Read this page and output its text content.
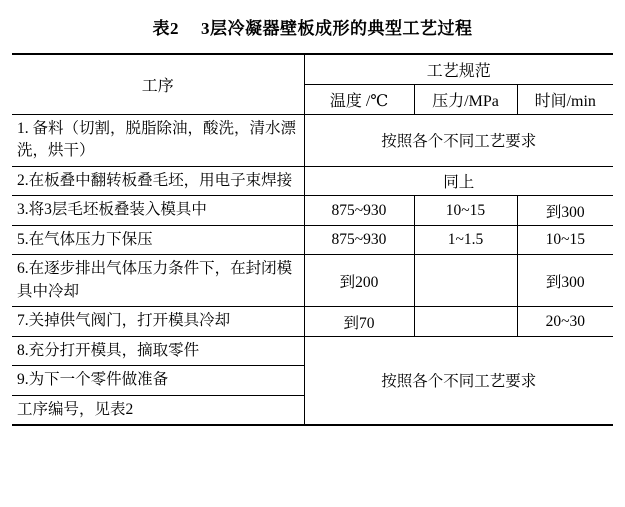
表2 3层冷凝器壁板成形的典型工艺过程
工序	工艺规范		
	温度 /℃	压力/MPa	时间/min
1. 备料（切割，脱脂除油，酸洗，清水漂洗，烘干）	按照各个不同工艺要求		
2.在板叠中翻转板叠毛坯，用电子束焊接	同上		
3.将3层毛坯板叠装入模具中	875~930	10~15	到300
5.在气体压力下保压	875~930	1~1.5	10~15
6.在逐步排出气体压力条件下，在封闭模具中冷却	到200		到300
7.关掉供气阀门，打开模具冷却	到70		20~30
8.充分打开模具，摘取零件	按照各个不同工艺要求		
9.为下一个零件做准备			
工序编号，见表2			
